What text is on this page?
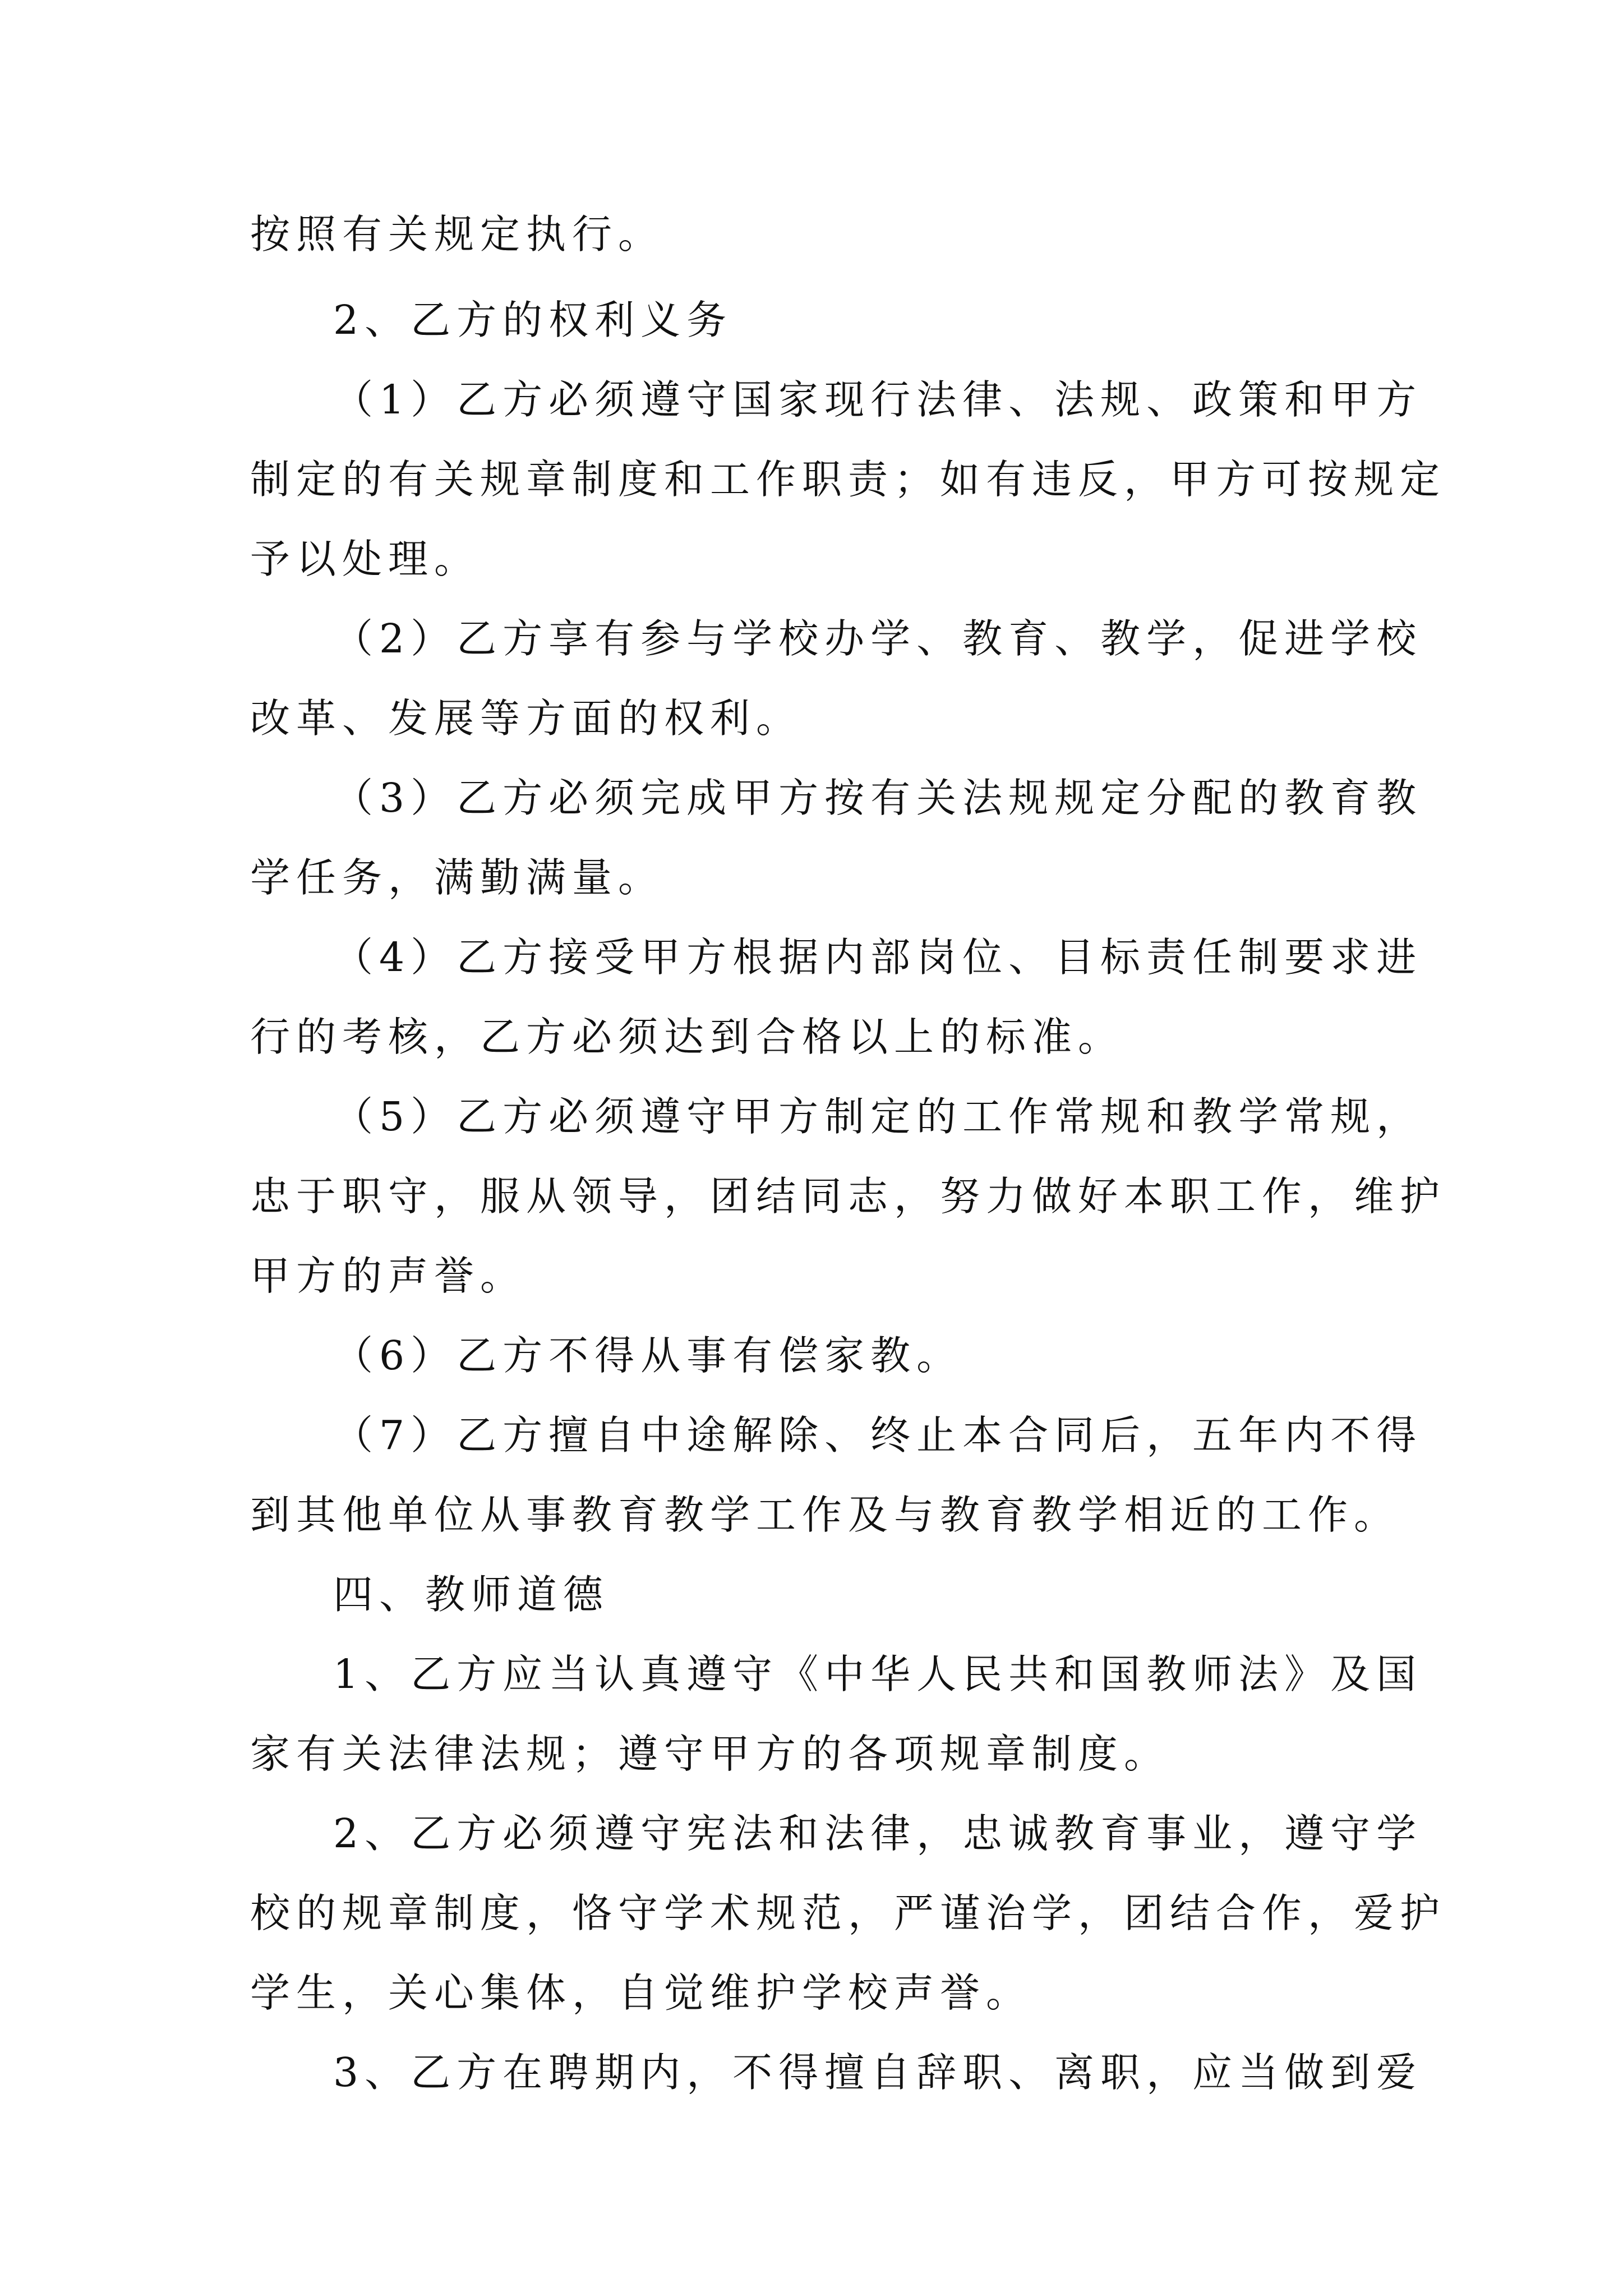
按照有关规定执行。
2、乙方的权利义务
（1）乙方必须遵守国家现行法律、法规、政策和甲方
制定的有关规章制度和工作职责；如有违反，甲方可按规定
予以处理。
（2）乙方享有参与学校办学、教育、教学，促进学校
改革、发展等方面的权利。
（3）乙方必须完成甲方按有关法规规定分配的教育教
学任务，满勤满量。
（4）乙方接受甲方根据内部岗位、目标责任制要求进
行的考核，乙方必须达到合格以上的标准。
（5）乙方必须遵守甲方制定的工作常规和教学常规，
忠于职守，服从领导，团结同志，努力做好本职工作，维护
甲方的声誉。
（6）乙方不得从事有偿家教。
（7）乙方擅自中途解除、终止本合同后，五年内不得
到其他单位从事教育教学工作及与教育教学相近的工作。
四、教师道德
1、乙方应当认真遵守《中华人民共和国教师法》及国
家有关法律法规；遵守甲方的各项规章制度。
2、乙方必须遵守宪法和法律，忠诚教育事业，遵守学
校的规章制度，恪守学术规范，严谨治学，团结合作，爱护
学生，关心集体，自觉维护学校声誉。
3、乙方在聘期内，不得擅自辞职、离职，应当做到爱
